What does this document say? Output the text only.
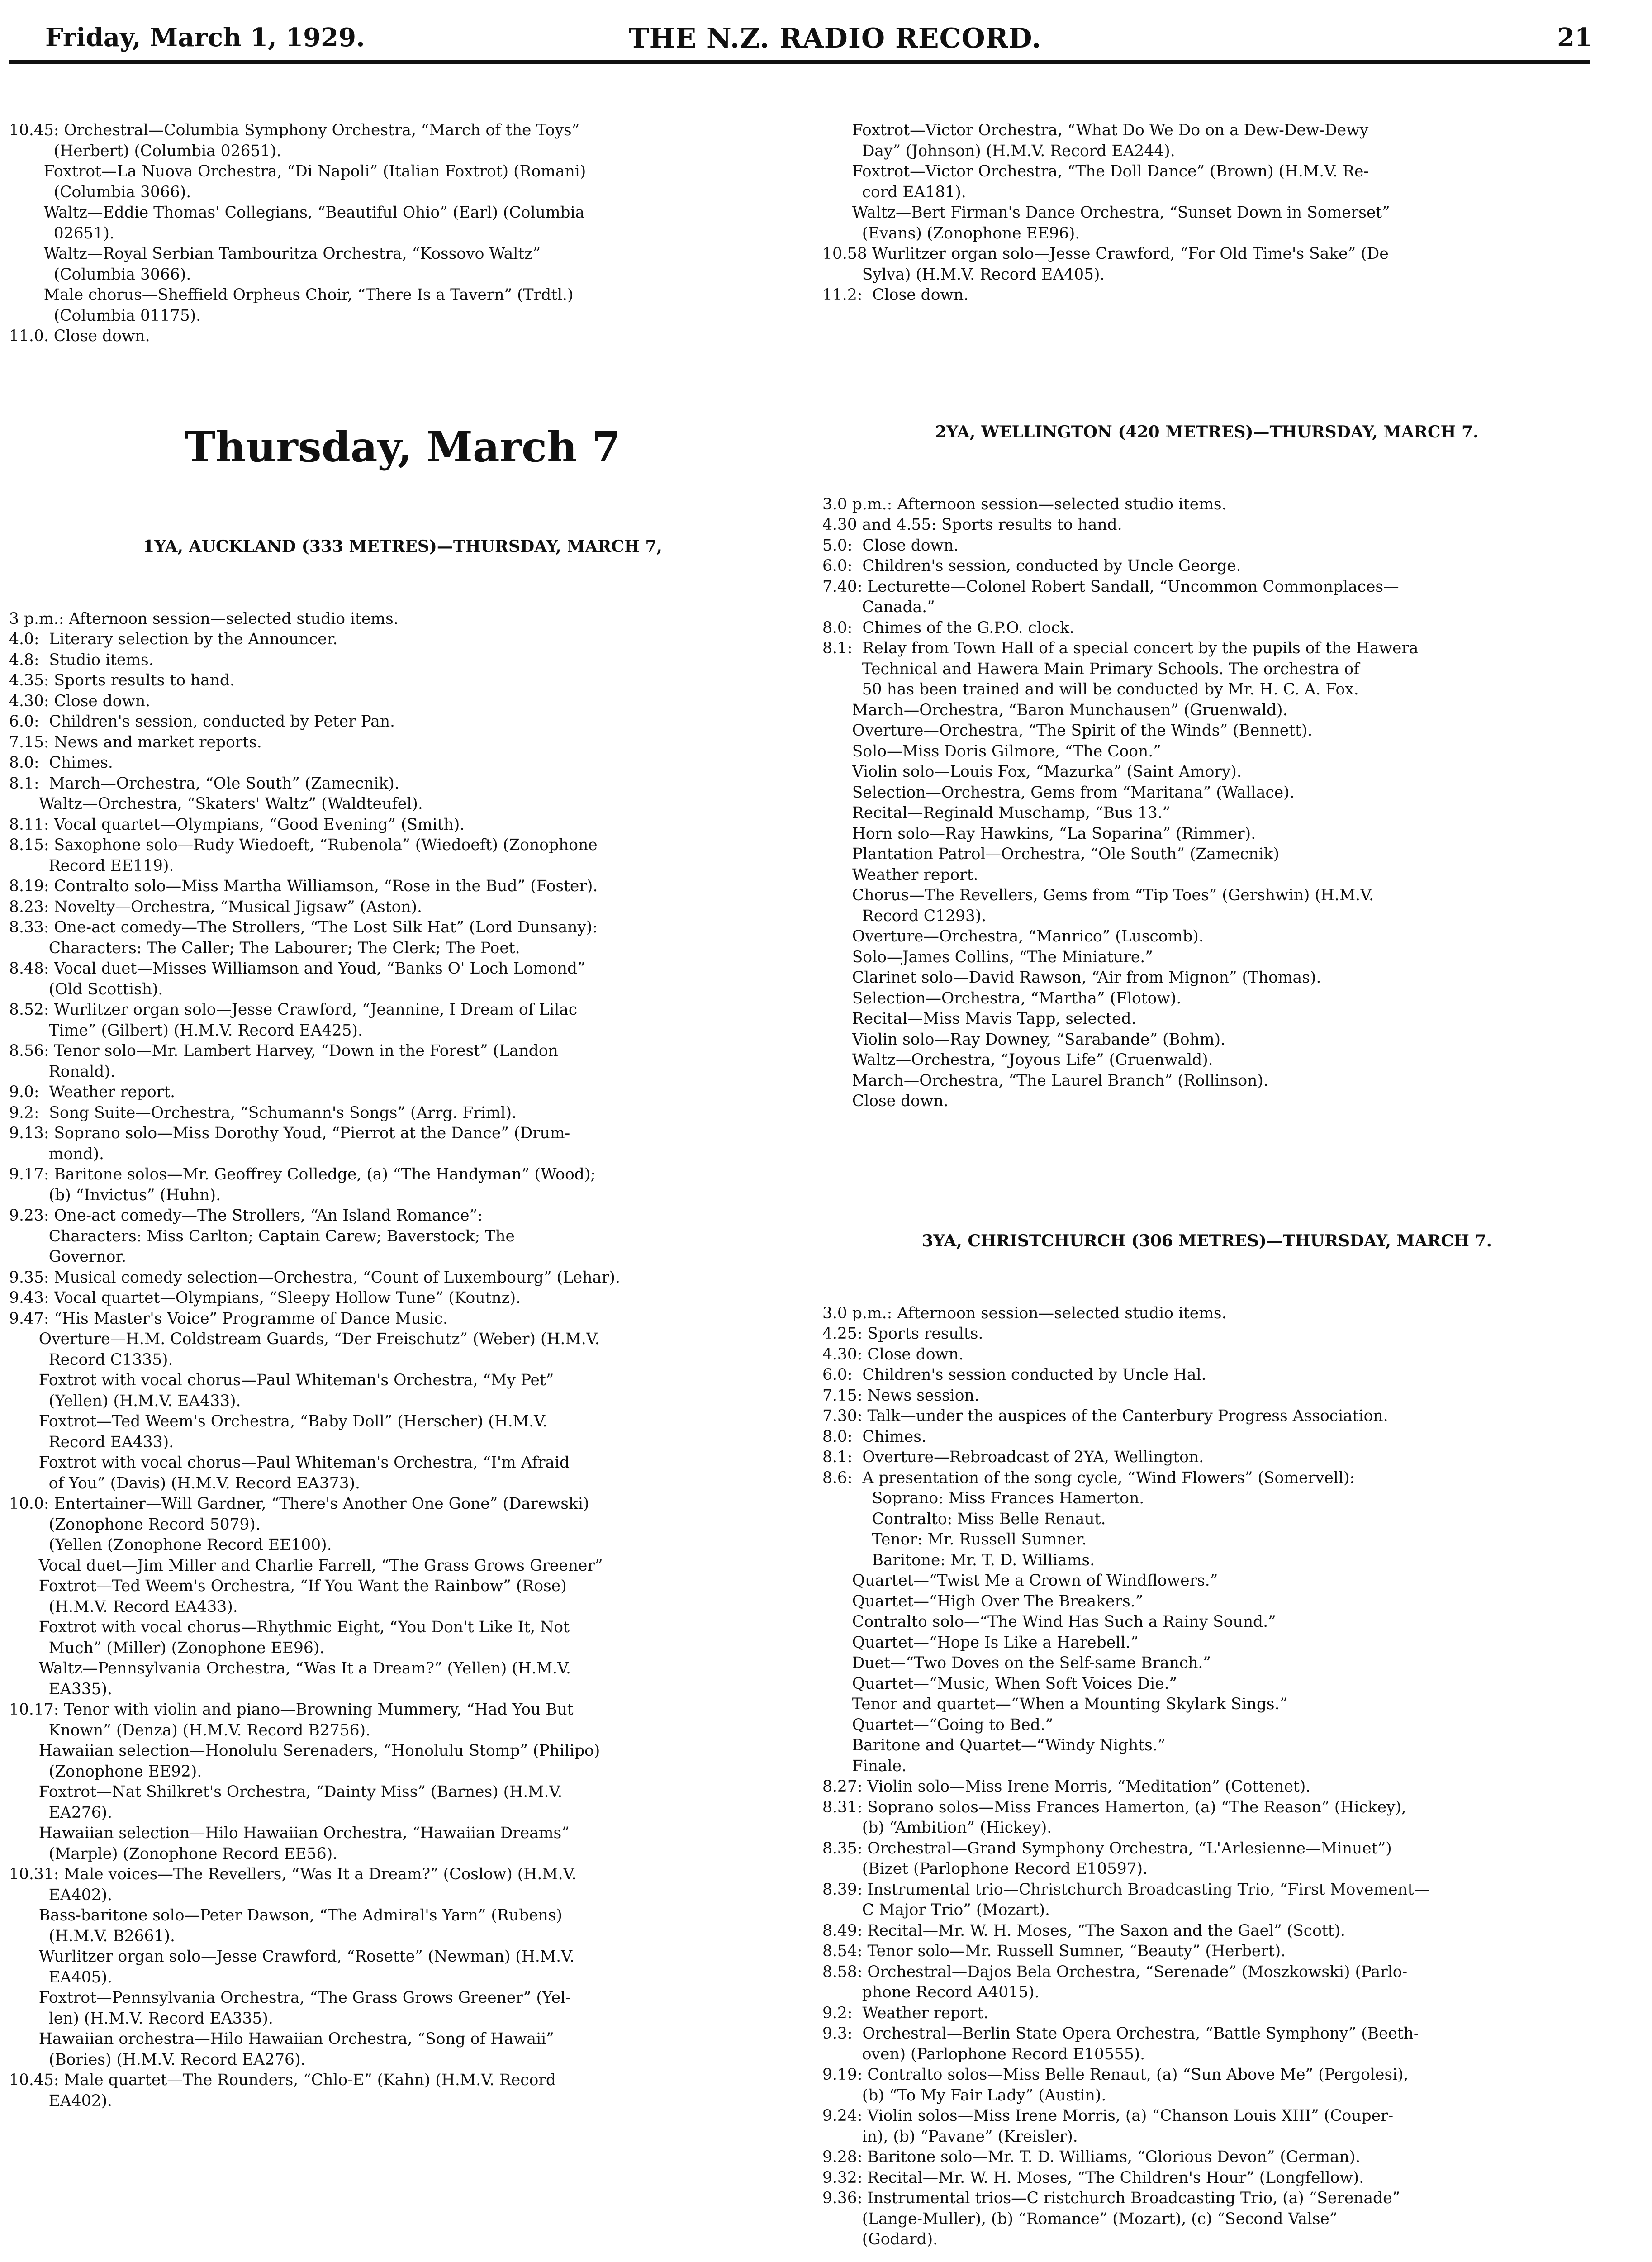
Friday, March 1, 1929.	THE N.Z. RADIO RECORD.	21

10.45: Orchestral—Columbia Symphony Orchestra, “March of the Toys”
(Herbert) (Columbia 02651).
Foxtrot—La Nuova Orchestra, “Di Napoli” (Italian Foxtrot) (Romani)
(Columbia 3066).
Waltz—Eddie Thomas' Collegians, “Beautiful Ohio” (Earl) (Columbia
02651).
Waltz—Royal Serbian Tambouritza Orchestra, “Kossovo Waltz”
(Columbia 3066).
Male chorus—Sheffield Orpheus Choir, “There Is a Tavern” (Trdtl.)
(Columbia 01175).
11.0. Close down.

Thursday, March 7

1YA, AUCKLAND (333 METRES)—THURSDAY, MARCH 7,

3 p.m.: Afternoon session—selected studio items.
4.0:  Literary selection by the Announcer.
4.8:  Studio items.
4.35: Sports results to hand.
4.30: Close down.
6.0:  Children's session, conducted by Peter Pan.
7.15: News and market reports.
8.0:  Chimes.
8.1:  March—Orchestra, “Ole South” (Zamecnik).
Waltz—Orchestra, “Skaters' Waltz” (Waldteufel).
8.11: Vocal quartet—Olympians, “Good Evening” (Smith).
8.15: Saxophone solo—Rudy Wiedoeft, “Rubenola” (Wiedoeft) (Zonophone
Record EE119).
8.19: Contralto solo—Miss Martha Williamson, “Rose in the Bud” (Foster).
8.23: Novelty—Orchestra, “Musical Jigsaw” (Aston).
8.33: One-act comedy—The Strollers, “The Lost Silk Hat” (Lord Dunsany):
Characters: The Caller; The Labourer; The Clerk; The Poet.
8.48: Vocal duet—Misses Williamson and Youd, “Banks O' Loch Lomond”
(Old Scottish).
8.52: Wurlitzer organ solo—Jesse Crawford, “Jeannine, I Dream of Lilac
Time” (Gilbert) (H.M.V. Record EA425).
8.56: Tenor solo—Mr. Lambert Harvey, “Down in the Forest” (Landon
Ronald).
9.0:  Weather report.
9.2:  Song Suite—Orchestra, “Schumann's Songs” (Arrg. Friml).
9.13: Soprano solo—Miss Dorothy Youd, “Pierrot at the Dance” (Drum-
mond).
9.17: Baritone solos—Mr. Geoffrey Colledge, (a) “The Handyman” (Wood);
(b) “Invictus” (Huhn).
9.23: One-act comedy—The Strollers, “An Island Romance”:
Characters: Miss Carlton; Captain Carew; Baverstock; The
Governor.
9.35: Musical comedy selection—Orchestra, “Count of Luxembourg” (Lehar).
9.43: Vocal quartet—Olympians, “Sleepy Hollow Tune” (Koutnz).
9.47: “His Master's Voice” Programme of Dance Music.
Overture—H.M. Coldstream Guards, “Der Freischutz” (Weber) (H.M.V.
Record C1335).
Foxtrot with vocal chorus—Paul Whiteman's Orchestra, “My Pet”
(Yellen) (H.M.V. EA433).
Foxtrot—Ted Weem's Orchestra, “Baby Doll” (Herscher) (H.M.V.
Record EA433).
Foxtrot with vocal chorus—Paul Whiteman's Orchestra, “I'm Afraid
of You” (Davis) (H.M.V. Record EA373).
10.0: Entertainer—Will Gardner, “There's Another One Gone” (Darewski)
(Zonophone Record 5079).
(Yellen (Zonophone Record EE100).
Vocal duet—Jim Miller and Charlie Farrell, “The Grass Grows Greener”
Foxtrot—Ted Weem's Orchestra, “If You Want the Rainbow” (Rose)
(H.M.V. Record EA433).
Foxtrot with vocal chorus—Rhythmic Eight, “You Don't Like It, Not
Much” (Miller) (Zonophone EE96).
Waltz—Pennsylvania Orchestra, “Was It a Dream?” (Yellen) (H.M.V.
EA335).
10.17: Tenor with violin and piano—Browning Mummery, “Had You But
Known” (Denza) (H.M.V. Record B2756).
Hawaiian selection—Honolulu Serenaders, “Honolulu Stomp” (Philipo)
(Zonophone EE92).
Foxtrot—Nat Shilkret's Orchestra, “Dainty Miss” (Barnes) (H.M.V.
EA276).
Hawaiian selection—Hilo Hawaiian Orchestra, “Hawaiian Dreams”
(Marple) (Zonophone Record EE56).
10.31: Male voices—The Revellers, “Was It a Dream?” (Coslow) (H.M.V.
EA402).
Bass-baritone solo—Peter Dawson, “The Admiral's Yarn” (Rubens)
(H.M.V. B2661).
Wurlitzer organ solo—Jesse Crawford, “Rosette” (Newman) (H.M.V.
EA405).
Foxtrot—Pennsylvania Orchestra, “The Grass Grows Greener” (Yel-
len) (H.M.V. Record EA335).
Hawaiian orchestra—Hilo Hawaiian Orchestra, “Song of Hawaii”
(Bories) (H.M.V. Record EA276).
10.45: Male quartet—The Rounders, “Chlo-E” (Kahn) (H.M.V. Record
EA402).

Foxtrot—Victor Orchestra, “What Do We Do on a Dew-Dew-Dewy
Day” (Johnson) (H.M.V. Record EA244).
Foxtrot—Victor Orchestra, “The Doll Dance” (Brown) (H.M.V. Re-
cord EA181).
Waltz—Bert Firman's Dance Orchestra, “Sunset Down in Somerset”
(Evans) (Zonophone EE96).
10.58 Wurlitzer organ solo—Jesse Crawford, “For Old Time's Sake” (De
Sylva) (H.M.V. Record EA405).
11.2:  Close down.

2YA, WELLINGTON (420 METRES)—THURSDAY, MARCH 7.

3.0 p.m.: Afternoon session—selected studio items.
4.30 and 4.55: Sports results to hand.
5.0:  Close down.
6.0:  Children's session, conducted by Uncle George.
7.40: Lecturette—Colonel Robert Sandall, “Uncommon Commonplaces—
Canada.”
8.0:  Chimes of the G.P.O. clock.
8.1:  Relay from Town Hall of a special concert by the pupils of the Hawera
Technical and Hawera Main Primary Schools. The orchestra of
50 has been trained and will be conducted by Mr. H. C. A. Fox.
March—Orchestra, “Baron Munchausen” (Gruenwald).
Overture—Orchestra, “The Spirit of the Winds” (Bennett).
Solo—Miss Doris Gilmore, “The Coon.”
Violin solo—Louis Fox, “Mazurka” (Saint Amory).
Selection—Orchestra, Gems from “Maritana” (Wallace).
Recital—Reginald Muschamp, “Bus 13.”
Horn solo—Ray Hawkins, “La Soparina” (Rimmer).
Plantation Patrol—Orchestra, “Ole South” (Zamecnik)
Weather report.
Chorus—The Revellers, Gems from “Tip Toes” (Gershwin) (H.M.V.
Record C1293).
Overture—Orchestra, “Manrico” (Luscomb).
Solo—James Collins, “The Miniature.”
Clarinet solo—David Rawson, “Air from Mignon” (Thomas).
Selection—Orchestra, “Martha” (Flotow).
Recital—Miss Mavis Tapp, selected.
Violin solo—Ray Downey, “Sarabande” (Bohm).
Waltz—Orchestra, “Joyous Life” (Gruenwald).
March—Orchestra, “The Laurel Branch” (Rollinson).
Close down.

3YA, CHRISTCHURCH (306 METRES)—THURSDAY, MARCH 7.

3.0 p.m.: Afternoon session—selected studio items.
4.25: Sports results.
4.30: Close down.
6.0:  Children's session conducted by Uncle Hal.
7.15: News session.
7.30: Talk—under the auspices of the Canterbury Progress Association.
8.0:  Chimes.
8.1:  Overture—Rebroadcast of 2YA, Wellington.
8.6:  A presentation of the song cycle, “Wind Flowers” (Somervell):
Soprano: Miss Frances Hamerton.
Contralto: Miss Belle Renaut.
Tenor: Mr. Russell Sumner.
Baritone: Mr. T. D. Williams.
Quartet—“Twist Me a Crown of Windflowers.”
Quartet—“High Over The Breakers.”
Contralto solo—“The Wind Has Such a Rainy Sound.”
Quartet—“Hope Is Like a Harebell.”
Duet—“Two Doves on the Self-same Branch.”
Quartet—“Music, When Soft Voices Die.”
Tenor and quartet—“When a Mounting Skylark Sings.”
Quartet—“Going to Bed.”
Baritone and Quartet—“Windy Nights.”
Finale.
8.27: Violin solo—Miss Irene Morris, “Meditation” (Cottenet).
8.31: Soprano solos—Miss Frances Hamerton, (a) “The Reason” (Hickey),
(b) “Ambition” (Hickey).
8.35: Orchestral—Grand Symphony Orchestra, “L'Arlesienne—Minuet”)
(Bizet (Parlophone Record E10597).
8.39: Instrumental trio—Christchurch Broadcasting Trio, “First Movement—
C Major Trio” (Mozart).
8.49: Recital—Mr. W. H. Moses, “The Saxon and the Gael” (Scott).
8.54: Tenor solo—Mr. Russell Sumner, “Beauty” (Herbert).
8.58: Orchestral—Dajos Bela Orchestra, “Serenade” (Moszkowski) (Parlo-
phone Record A4015).
9.2:  Weather report.
9.3:  Orchestral—Berlin State Opera Orchestra, “Battle Symphony” (Beeth-
oven) (Parlophone Record E10555).
9.19: Contralto solos—Miss Belle Renaut, (a) “Sun Above Me” (Pergolesi),
(b) “To My Fair Lady” (Austin).
9.24: Violin solos—Miss Irene Morris, (a) “Chanson Louis XIII” (Couper-
in), (b) “Pavane” (Kreisler).
9.28: Baritone solo—Mr. T. D. Williams, “Glorious Devon” (German).
9.32: Recital—Mr. W. H. Moses, “The Children's Hour” (Longfellow).
9.36: Instrumental trios—C ristchurch Broadcasting Trio, (a) “Serenade”
(Lange-Muller), (b) “Romance” (Mozart), (c) “Second Valse”
(Godard).
